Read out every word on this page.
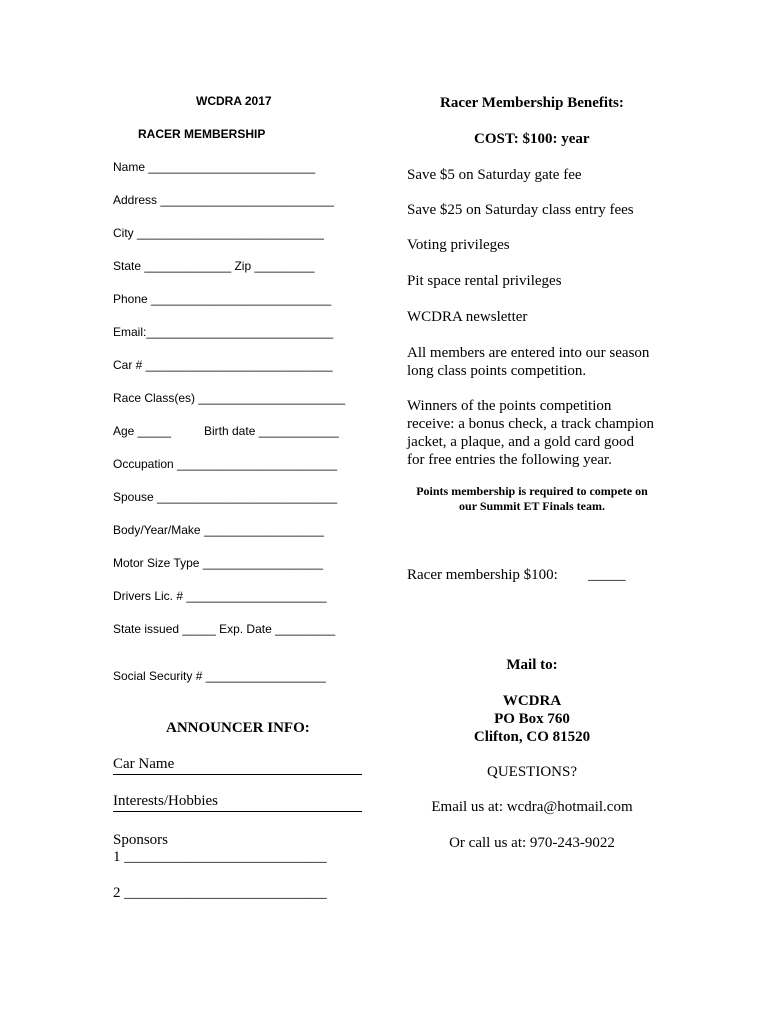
WCDRA 2017
RACER MEMBERSHIP
Name _________________________
Address __________________________
City ____________________________
State _____________ Zip _________
Phone ___________________________
Email:____________________________
Car # ____________________________
Race Class(es) ______________________
Age _____	Birth date ____________
Occupation ________________________
Spouse ___________________________
Body/Year/Make __________________
Motor Size Type __________________
Drivers Lic. # _____________________
State issued _____ Exp. Date _________
Social Security # __________________
ANNOUNCER INFO:
Car Name
Interests/Hobbies
Sponsors
1 ___________________________
2 ___________________________
Racer Membership Benefits:
COST: $100: year
Save $5 on Saturday gate fee
Save $25 on Saturday class entry fees
Voting privileges
Pit space rental privileges
WCDRA newsletter
All members are entered into our season
long class points competition.
Winners of the points competition
receive: a bonus check, a track champion
jacket, a plaque, and a gold card good
for free entries the following year.
Points membership is required to compete on
our Summit ET Finals team.
Racer membership $100: _____
Mail to:
WCDRA
PO Box 760
Clifton, CO 81520
QUESTIONS?
Email us at: wcdra@hotmail.com
Or call us at: 970-243-9022
